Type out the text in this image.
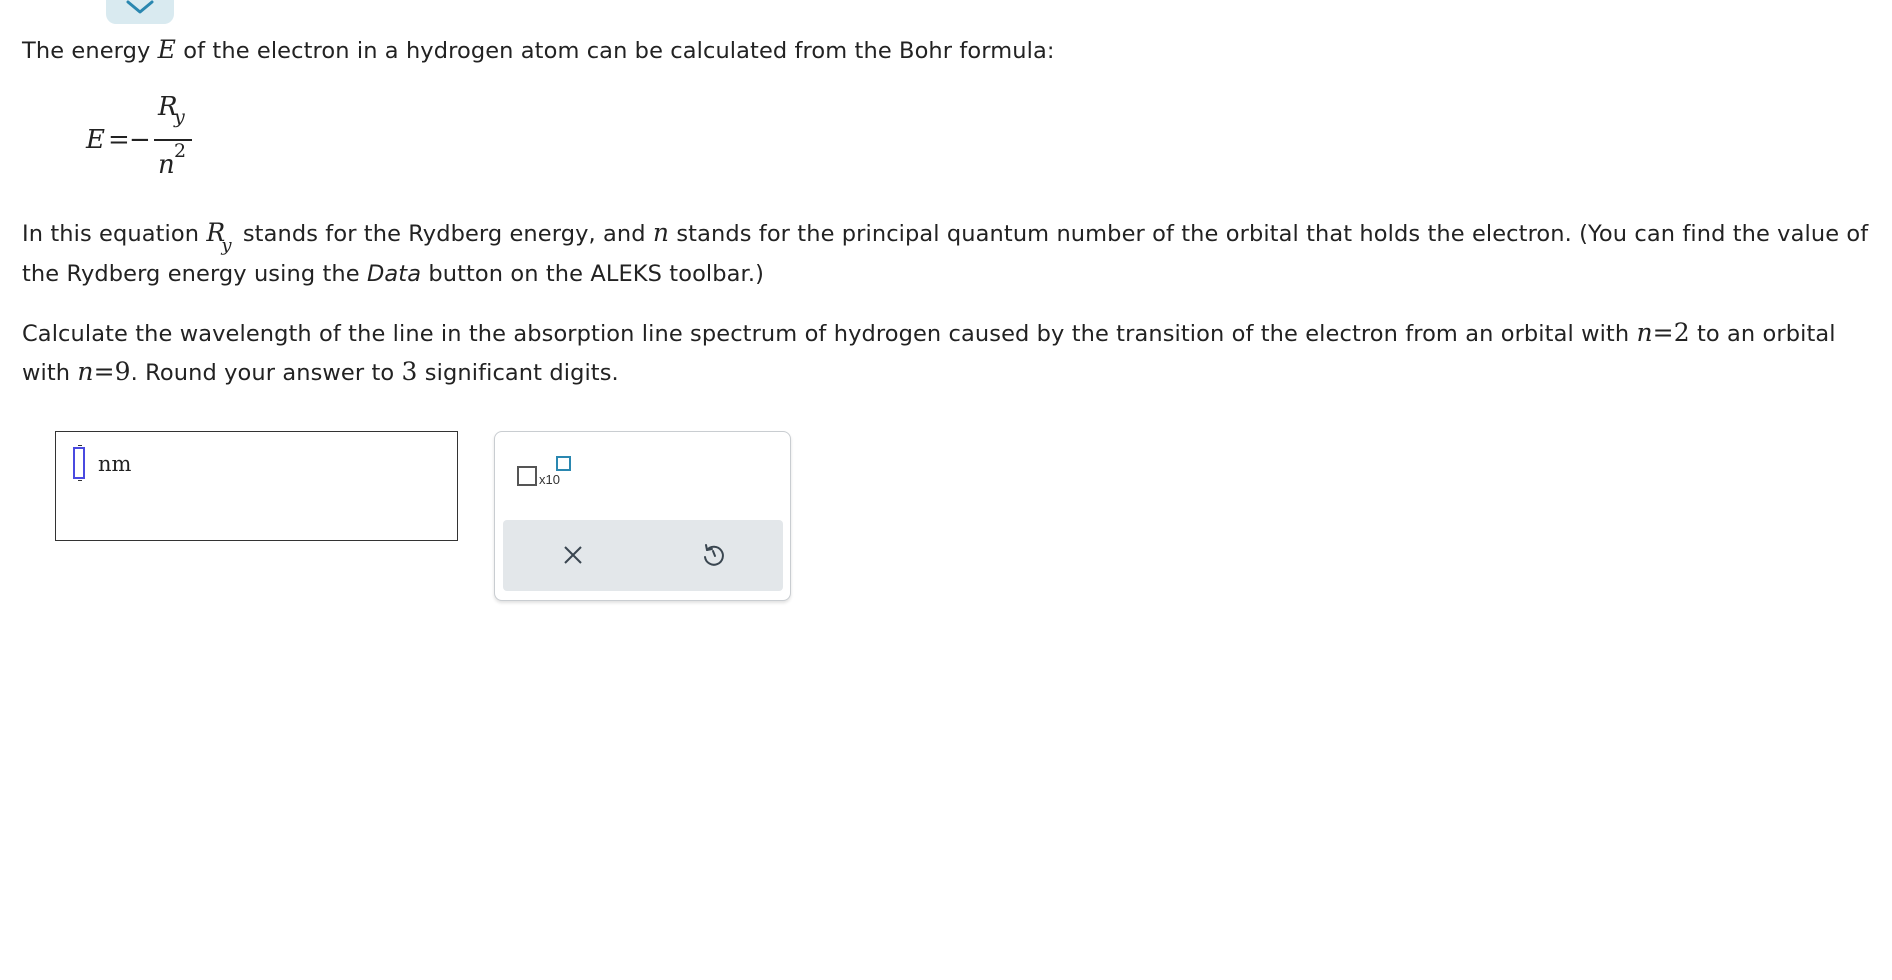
The energy E of the electron in a hydrogen atom can be calculated from the Bohr formula:
E = −
R
y
n 2
In this equation $R_y$ stands for the Rydberg energy, and n stands for the principal quantum number of the orbital that holds the electron. (You can find the value of the Rydberg energy using the Data button on the ALEKS toolbar.)
Calculate the wavelength of the line in the absorption line spectrum of hydrogen caused by the transition of the electron from an orbital with n=2 to an orbital with n=9. Round your answer to 3 significant digits.
nm
x10
